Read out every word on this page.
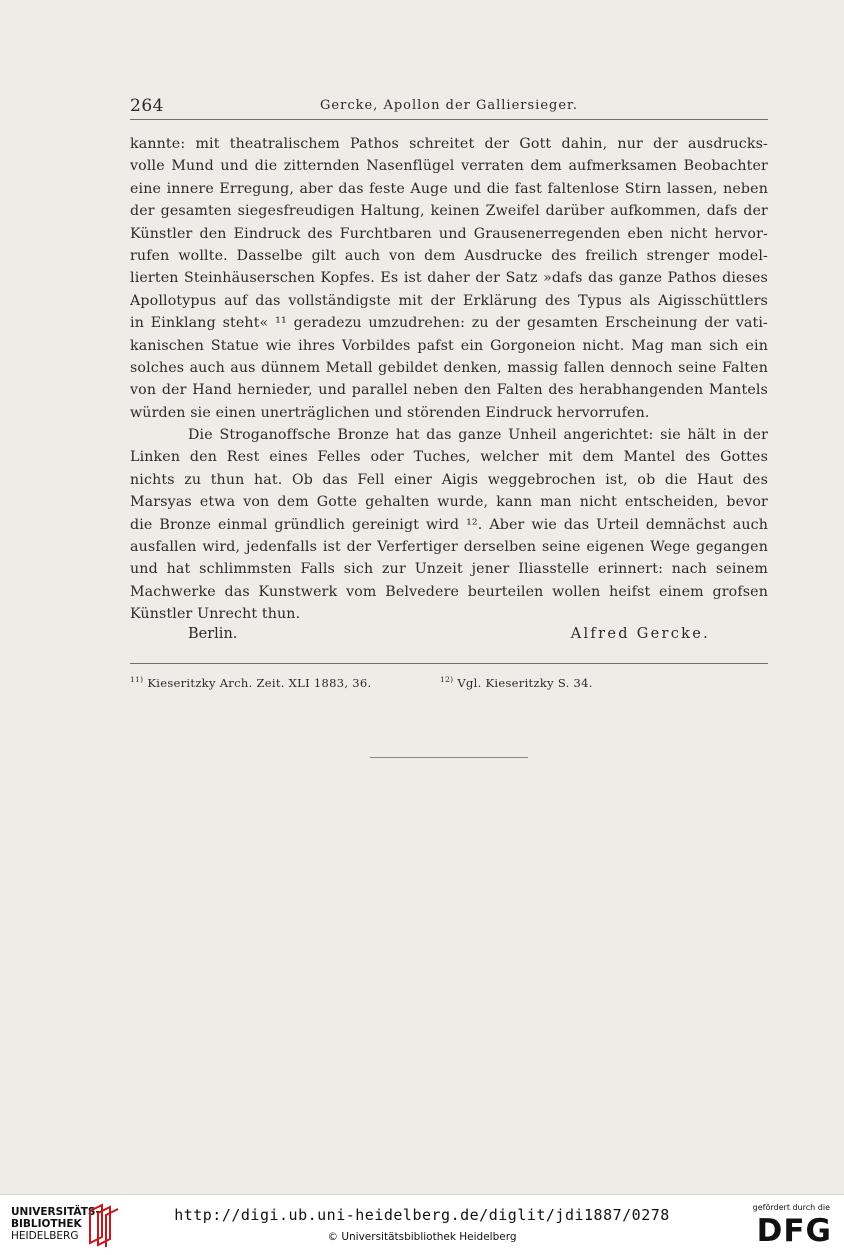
264	Gercke, Apollon der Galliersieger.
kannte: mit theatralischem Pathos schreitet der Gott dahin, nur der ausdrucks-
volle Mund und die zitternden Nasenflügel verraten dem aufmerksamen Beobachter
eine innere Erregung, aber das feste Auge und die fast faltenlose Stirn lassen, neben
der gesamten siegesfreudigen Haltung, keinen Zweifel darüber aufkommen, dafs der
Künstler den Eindruck des Furchtbaren und Grausenerregenden eben nicht hervor-
rufen wollte. Dasselbe gilt auch von dem Ausdrucke des freilich strenger model-
lierten Steinhäuserschen Kopfes. Es ist daher der Satz »dafs das ganze Pathos dieses
Apollotypus auf das vollständigste mit der Erklärung des Typus als Aigisschüttlers
in Einklang steht« ¹¹ geradezu umzudrehen: zu der gesamten Erscheinung der vati-
kanischen Statue wie ihres Vorbildes pafst ein Gorgoneion nicht. Mag man sich ein
solches auch aus dünnem Metall gebildet denken, massig fallen dennoch seine Falten
von der Hand hernieder, und parallel neben den Falten des herabhangenden Mantels
würden sie einen unerträglichen und störenden Eindruck hervorrufen.
Die Stroganoffsche Bronze hat das ganze Unheil angerichtet: sie hält in der
Linken den Rest eines Felles oder Tuches, welcher mit dem Mantel des Gottes
nichts zu thun hat. Ob das Fell einer Aigis weggebrochen ist, ob die Haut des
Marsyas etwa von dem Gotte gehalten wurde, kann man nicht entscheiden, bevor
die Bronze einmal gründlich gereinigt wird ¹². Aber wie das Urteil demnächst auch
ausfallen wird, jedenfalls ist der Verfertiger derselben seine eigenen Wege gegangen
und hat schlimmsten Falls sich zur Unzeit jener Iliasstelle erinnert: nach seinem
Machwerke das Kunstwerk vom Belvedere beurteilen wollen heifst einem grofsen
Künstler Unrecht thun.
Berlin.	Alfred Gercke.
$^{11)}$ Kieseritzky Arch. Zeit. XLI 1883, 36.	$^{12)}$ Vgl. Kieseritzky S. 34.
UNIVERSITÄTS-
BIBLIOTHEK
HEIDELBERG
http://digi.ub.uni-heidelberg.de/diglit/jdi1887/0278
© Universitätsbibliothek Heidelberg
gefördert durch die
DFG
